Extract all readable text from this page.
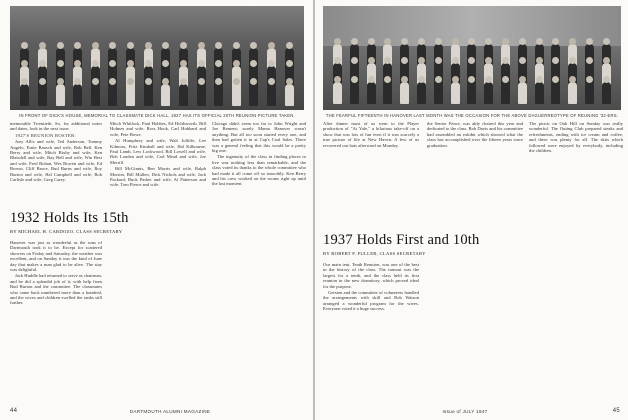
IN FRONT OF DICK'S HOUSE, MEMORIAL TO CLASSMATE DICK HALL, 1927 HAS ITS OFFICIAL 20TH REUNION PICTURE TAKEN.

memorable Twentieth. So, for additional notes and dates, look in the next issue.

1927'S REUNION ROSTER:

Joey Allis and wife, Ted Anderson, Tommy Angelo, Ernie Bausch and wife, Bob Bell, Ken Berry and wife, Mitch Bixby and wife, Ken Blaisdell and wife, Ray Bell and wife, Win Best and wife, Fred Bohan, Wes Bowen and wife, Ed Brown, Cliff Bruce, Bud Burns and wife, Roy Burton and wife, Hal Campbell and wife, Bob Carlisle and wife, Greg Carey.

Mitch Whitlock, Paul Hobbes, Ed Holdsworth, Bill Holmes and wife, Ross Hook, Carl Hubbard and wife, Pete Howe.

Al Humphrey and wife, Walt Jolliffe, Lee Kilmoss, Fritz Kimball and wife, Hal Kilbourne, Paul Lamb, Lew Lockwood, Bill Lowell and wife, Bob Louden and wife, Carl Mead and wife, Joe Merrill.

Bill McGinnis, Ben Morris and wife, Ralph Morton, Bill Mullen, Dick Nichols and wife, Jack Packard, Buck Parker and wife, Al Patterson and wife, Tom Pierce and wife.

Chicago didn't seem too far to John Wright and Joe Bement; surely Mama Hanover wasn't anything. But all too soon started every one, and then had gotten it in at Cap's Coal Sales. There was a general feeling that this would be a pretty big one.

The ingenuity of the class in finding places to live was nothing less than remarkable, and the class voted its thanks to the whole committee who had made it all come off so smoothly. Ken Berry and his crew worked on the rooms right up until the last moment.

1932 Holds Its 15th
BY MICHAEL H. CARDOZO, CLASS SECRETARY

Hanover was just as wonderful as the sons of Dartmouth took it to be. Except for scattered showers on Friday and Saturday, the weather was excellent, and on Sunday it was the kind of June day that makes a man glad to be alive. The stay was delightful.

Jack Huddle had returned to serve as chairman, and he did a splendid job of it, with help from Bud Burton and the committee. The classmates who came back numbered more than a hundred, and the wives and children swelled the ranks still further.

44	DARTMOUTH ALUMNI MAGAZINE
THE FEARFUL FIFTEENTH IN HANOVER LAST MONTH WAS THE OCCASION FOR THE ABOVE DAGUERREOTYPE OF REUNING '32-ERS.

After dinner most of us went to the Player production of "At Yale," a hilarious take-off on a show that was lots of fun even if it was scarcely a true picture of life at New Haven. A few of us recovered our hats afterward on Monday.

the Senior Fence, was ably chaired this year and dedicated to the class. Bob Davis and his committee had assembled an exhibit which showed what the class has accomplished over the fifteen years since graduation.

The picnic on Oak Hill on Sunday was really wonderful. The Outing Club prepared steaks and refreshments, ending with ice cream and coffee, and there was plenty for all. The skits which followed were enjoyed by everybody, including the children.

1937 Holds First and 10th
BY ROBERT P. FULLER, CLASS SECRETARY

Our main tent, Tenth Reunion, was one of the best in the history of the class. The turnout was the largest for a tenth, and the class held its first reunion in the new dormitory, which proved ideal for the purpose.

Gersten and the committee of volunteers handled the arrangements with skill and Bob Watson arranged a wonderful program for the wives. Everyone voted it a huge success.

Issue of JULY 1947	45
